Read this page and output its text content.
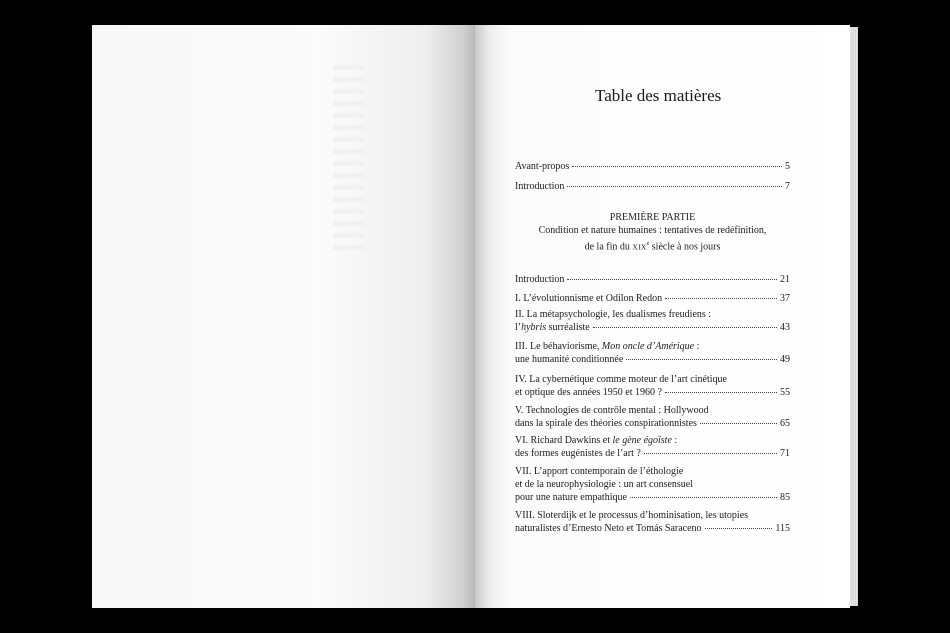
Table des matières
Avant-propos	5
Introduction	7
PREMIÈRE PARTIE
Condition et nature humaines : tentatives de redéfinition,
de la fin du XIXe siècle à nos jours
Introduction	21
I. L’évolutionnisme et Odilon Redon	37
II. La métapsychologie, les dualismes freudiens :
l’hybris surréaliste	43
III. Le béhaviorisme, Mon oncle d’Amérique :
une humanité conditionnée	49
IV. La cybernétique comme moteur de l’art cinétique
et optique des années 1950 et 1960 ?	55
V. Technologies de contrôle mental : Hollywood
dans la spirale des théories conspirationnistes	65
VI. Richard Dawkins et le gène égoïste :
des formes eugénistes de l’art ?	71
VII. L’apport contemporain de l’éthologie
et de la neurophysiologie : un art consensuel
pour une nature empathique	85
VIII. Sloterdijk et le processus d’hominisation, les utopies
naturalistes d’Ernesto Neto et Tomás Saraceno	115
